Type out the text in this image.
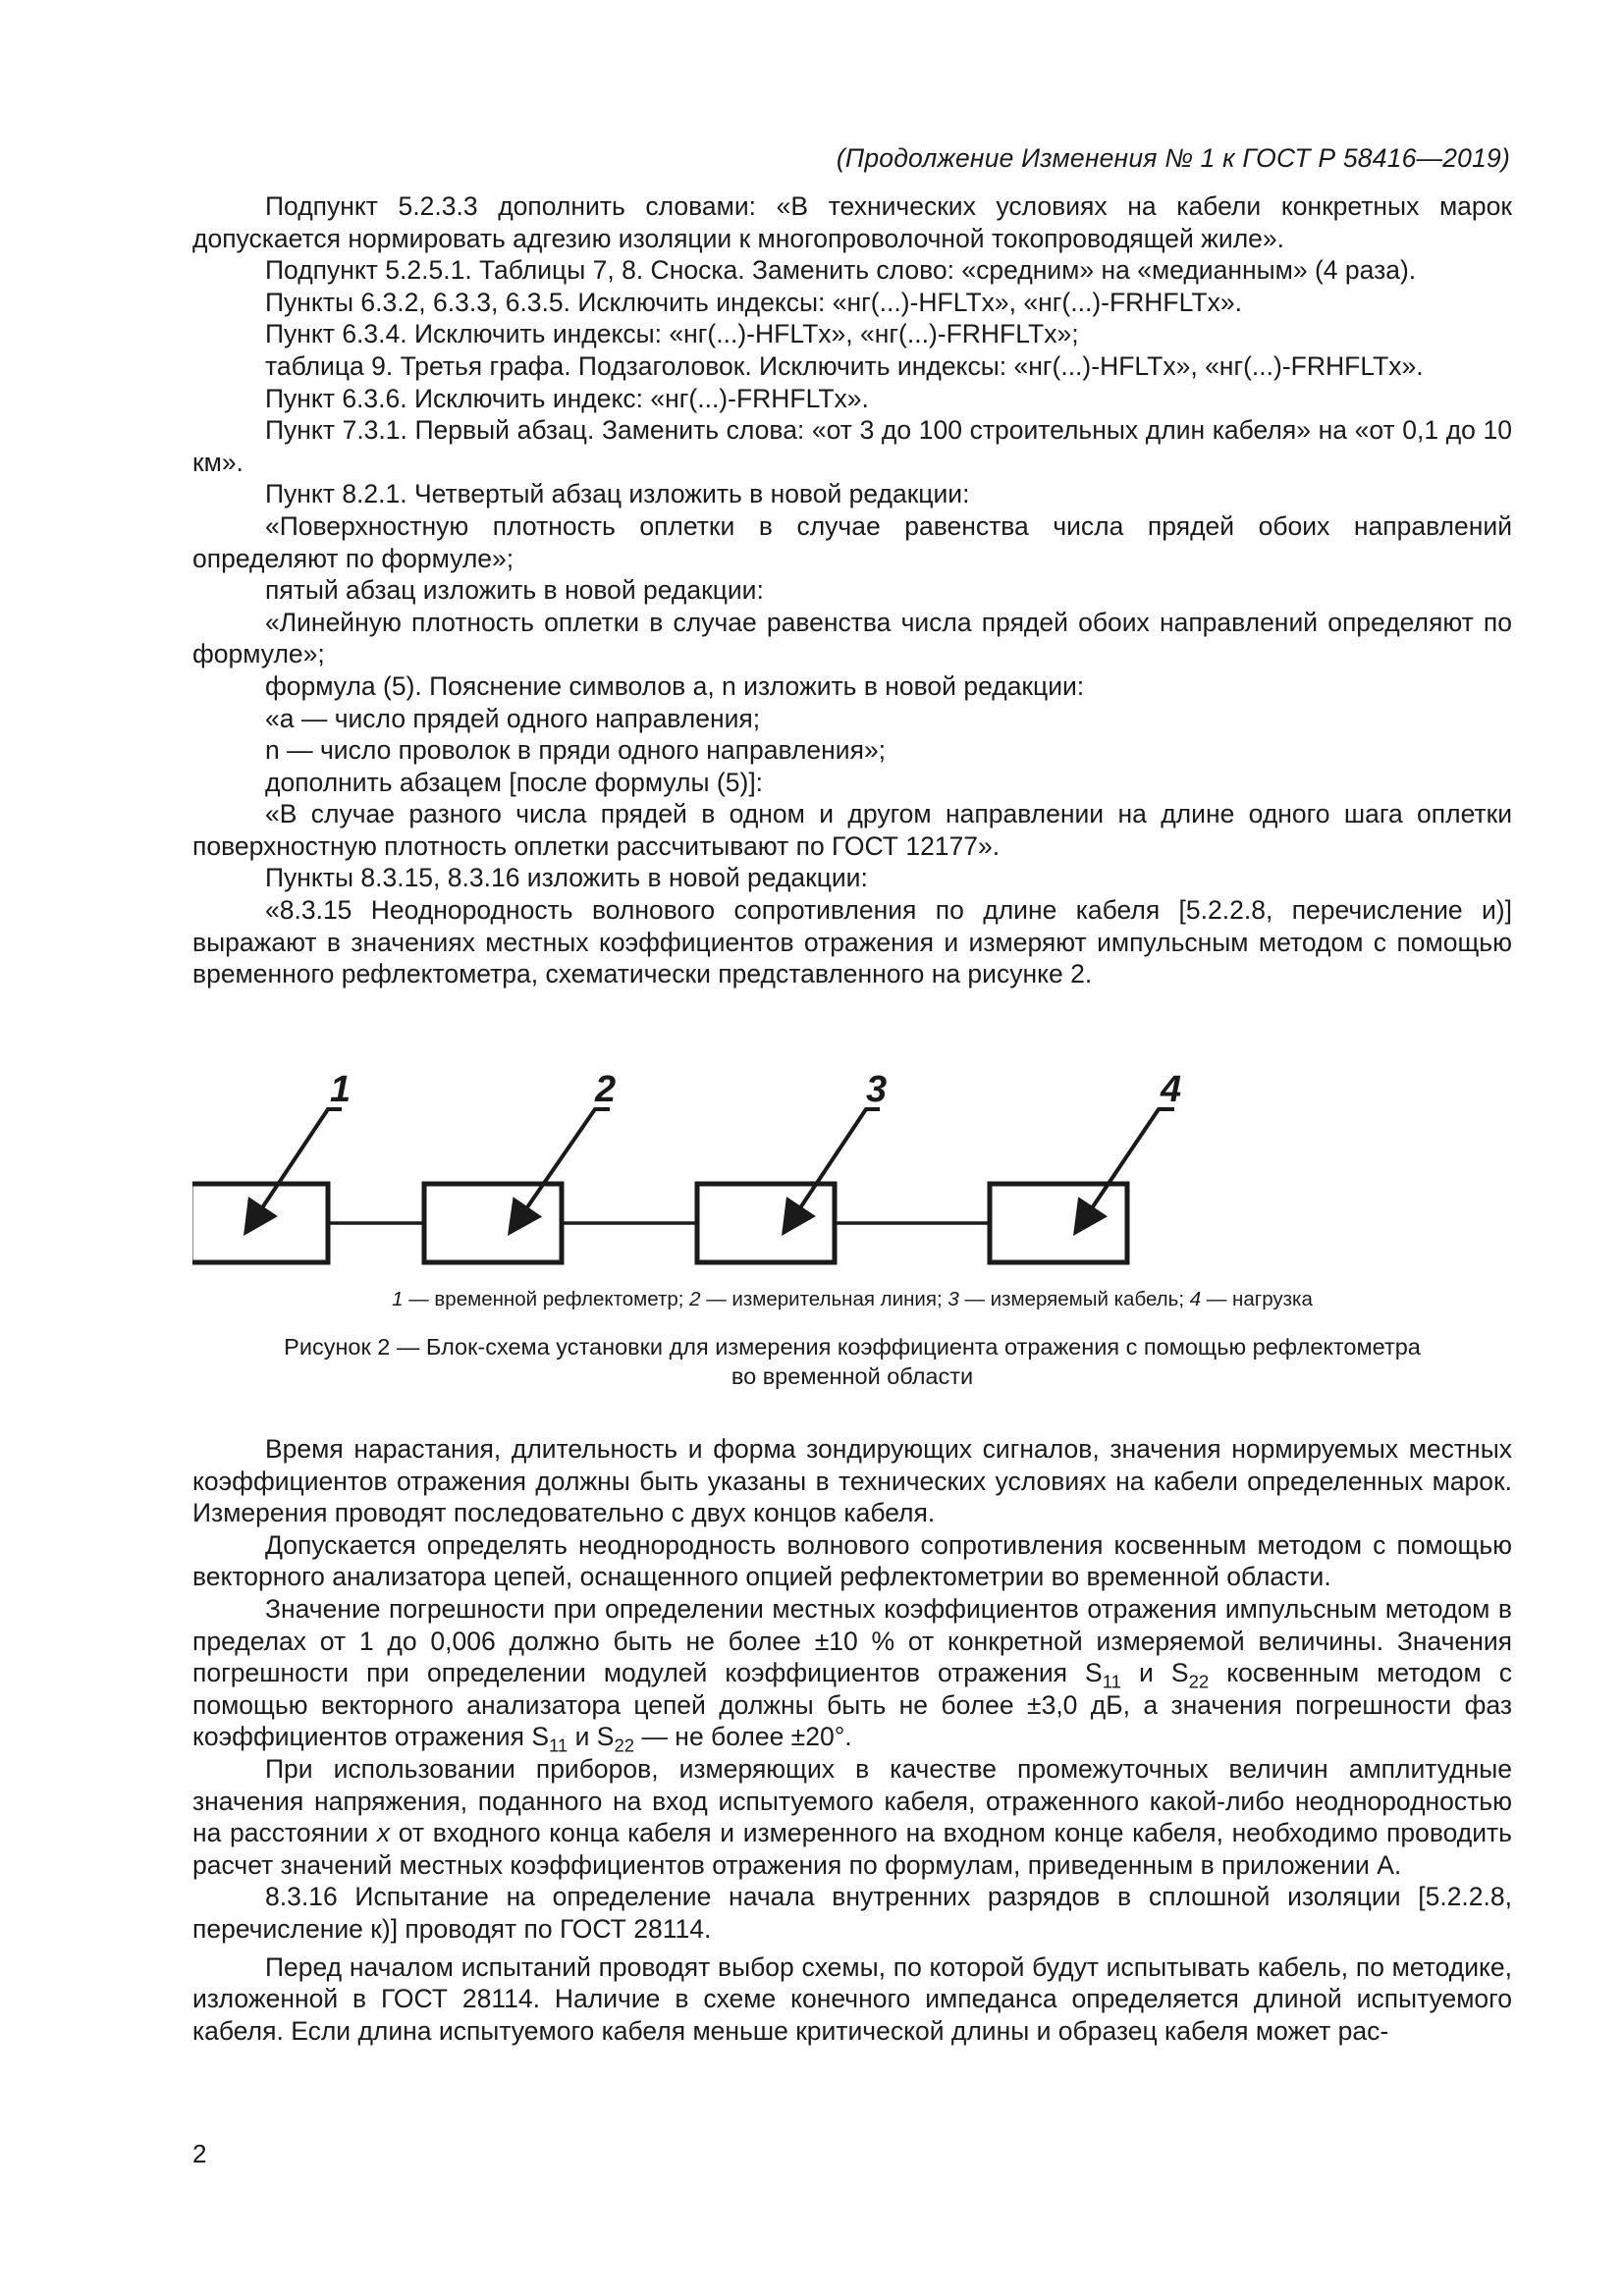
(Продолжение Изменения № 1 к ГОСТ Р 58416—2019)

Подпункт 5.2.3.3 дополнить словами: «В технических условиях на кабели конкретных марок допускается нормировать адгезию изоляции к многопроволочной токопроводящей жиле».

Подпункт 5.2.5.1. Таблицы 7, 8. Сноска. Заменить слово: «средним» на «медианным» (4 раза).

Пункты 6.3.2, 6.3.3, 6.3.5. Исключить индексы: «нг(...)-HFLTx», «нг(...)-FRHFLTx».

Пункт 6.3.4. Исключить индексы: «нг(...)-HFLTx», «нг(...)-FRHFLTx»;

таблица 9. Третья графа. Подзаголовок. Исключить индексы: «нг(...)-HFLTx», «нг(...)-FRHFLTx».

Пункт 6.3.6. Исключить индекс: «нг(...)-FRHFLTx».

Пункт 7.3.1. Первый абзац. Заменить слова: «от 3 до 100 строительных длин кабеля» на «от 0,1 до 10 км».

Пункт 8.2.1. Четвертый абзац изложить в новой редакции:

«Поверхностную плотность оплетки в случае равенства числа прядей обоих направлений определяют по формуле»;

пятый абзац изложить в новой редакции:

«Линейную плотность оплетки в случае равенства числа прядей обоих направлений определяют по формуле»;

формула (5). Пояснение символов a, n изложить в новой редакции:

«a — число прядей одного направления;

n — число проволок в пряди одного направления»;

дополнить абзацем [после формулы (5)]:

«В случае разного числа прядей в одном и другом направлении на длине одного шага оплетки поверхностную плотность оплетки рассчитывают по ГОСТ 12177».

Пункты 8.3.15, 8.3.16 изложить в новой редакции:

«8.3.15 Неоднородность волнового сопротивления по длине кабеля [5.2.2.8, перечисление и)] выражают в значениях местных коэффициентов отражения и измеряют импульсным методом с помощью временного рефлектометра, схематически представленного на рисунке 2.

1	2	3	4
1 — временной рефлектометр; 2 — измерительная линия; 3 — измеряемый кабель; 4 — нагрузка
Рисунок 2 — Блок-схема установки для измерения коэффициента отражения с помощью рефлектометра
во временной области

Время нарастания, длительность и форма зондирующих сигналов, значения нормируемых местных коэффициентов отражения должны быть указаны в технических условиях на кабели определенных марок. Измерения проводят последовательно с двух концов кабеля.

Допускается определять неоднородность волнового сопротивления косвенным методом с помощью векторного анализатора цепей, оснащенного опцией рефлектометрии во временной области.

Значение погрешности при определении местных коэффициентов отражения импульсным методом в пределах от 1 до 0,006 должно быть не более ±10 % от конкретной измеряемой величины. Значения погрешности при определении модулей коэффициентов отражения $S_{11}$ и $S_{22}$ косвенным методом с помощью векторного анализатора цепей должны быть не более ±3,0 дБ, а значения погрешности фаз коэффициентов отражения $S_{11}$ и $S_{22}$ — не более ±20°.

При использовании приборов, измеряющих в качестве промежуточных величин амплитудные значения напряжения, поданного на вход испытуемого кабеля, отраженного какой-либо неоднородностью на расстоянии x от входного конца кабеля и измеренного на входном конце кабеля, необходимо проводить расчет значений местных коэффициентов отражения по формулам, приведенным в приложении А.

8.3.16 Испытание на определение начала внутренних разрядов в сплошной изоляции [5.2.2.8, перечисление к)] проводят по ГОСТ 28114.

Перед началом испытаний проводят выбор схемы, по которой будут испытывать кабель, по методике, изложенной в ГОСТ 28114. Наличие в схеме конечного импеданса определяется длиной испытуемого кабеля. Если длина испытуемого кабеля меньше критической длины и образец кабеля может рас-

2
